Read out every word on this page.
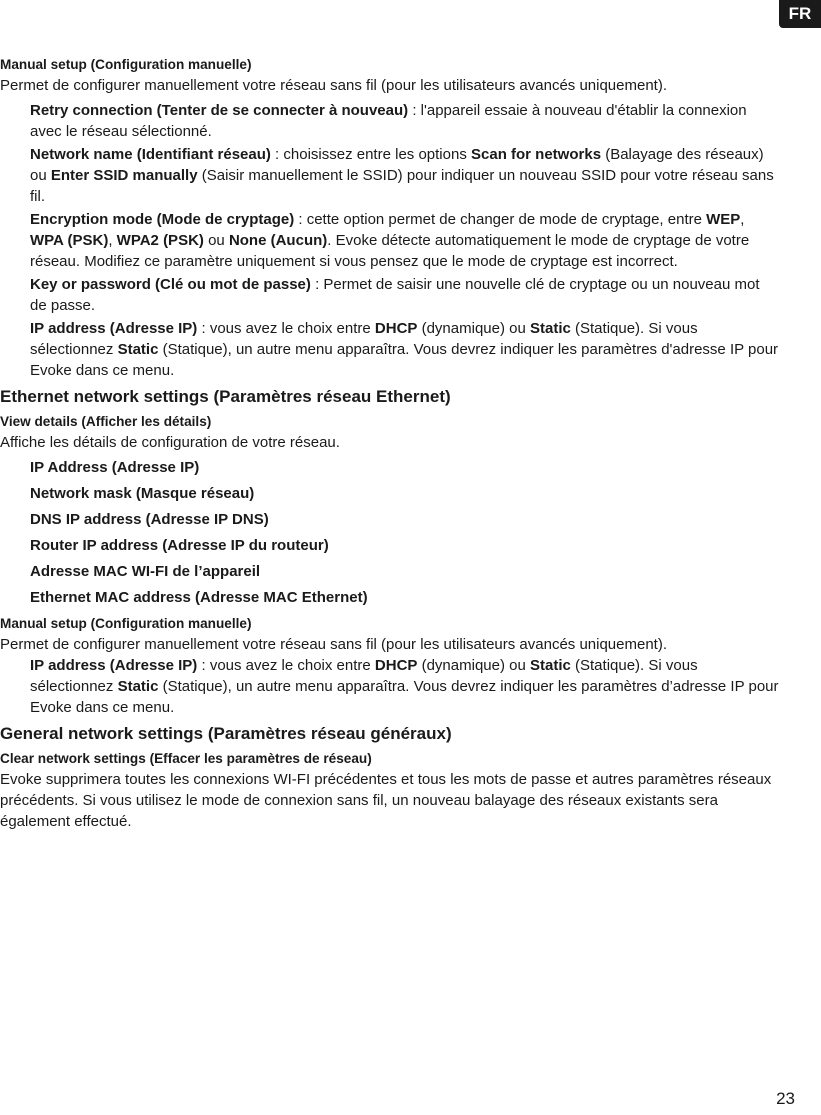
FR

Manual setup (Configuration manuelle)

Permet de configurer manuellement votre réseau sans fil (pour les utilisateurs avancés uniquement).

Retry connection (Tenter de se connecter à nouveau) : l'appareil essaie à nouveau d'établir la connexion avec le réseau sélectionné.

Network name (Identifiant réseau) : choisissez entre les options Scan for networks (Balayage des réseaux) ou Enter SSID manually (Saisir manuellement le SSID) pour indiquer un nouveau SSID pour votre réseau sans fil.

Encryption mode (Mode de cryptage) : cette option permet de changer de mode de cryptage, entre WEP, WPA (PSK), WPA2 (PSK) ou None (Aucun). Evoke détecte automatiquement le mode de cryptage de votre réseau. Modifiez ce paramètre uniquement si vous pensez que le mode de cryptage est incorrect.

Key or password (Clé ou mot de passe) : Permet de saisir une nouvelle clé de cryptage ou un nouveau mot de passe.

IP address (Adresse IP) : vous avez le choix entre DHCP (dynamique) ou Static (Statique). Si vous sélectionnez Static (Statique), un autre menu apparaîtra. Vous devrez indiquer les paramètres d'adresse IP pour Evoke dans ce menu.

Ethernet network settings (Paramètres réseau Ethernet)

View details (Afficher les détails)

Affiche les détails de configuration de votre réseau.

IP Address (Adresse IP)

Network mask (Masque réseau)

DNS IP address (Adresse IP DNS)

Router IP address (Adresse IP du routeur)

Adresse MAC WI-FI de l’appareil

Ethernet MAC address (Adresse MAC Ethernet)

Manual setup (Configuration manuelle)

Permet de configurer manuellement votre réseau sans fil (pour les utilisateurs avancés uniquement).

IP address (Adresse IP) : vous avez le choix entre DHCP (dynamique) ou Static (Statique). Si vous sélectionnez Static (Statique), un autre menu apparaîtra. Vous devrez indiquer les paramètres d’adresse IP pour Evoke dans ce menu.

General network settings (Paramètres réseau généraux)

Clear network settings (Effacer les paramètres de réseau)

Evoke supprimera toutes les connexions WI-FI précédentes et tous les mots de passe et autres paramètres réseaux précédents. Si vous utilisez le mode de connexion sans fil, un nouveau balayage des réseaux existants sera également effectué.

23
